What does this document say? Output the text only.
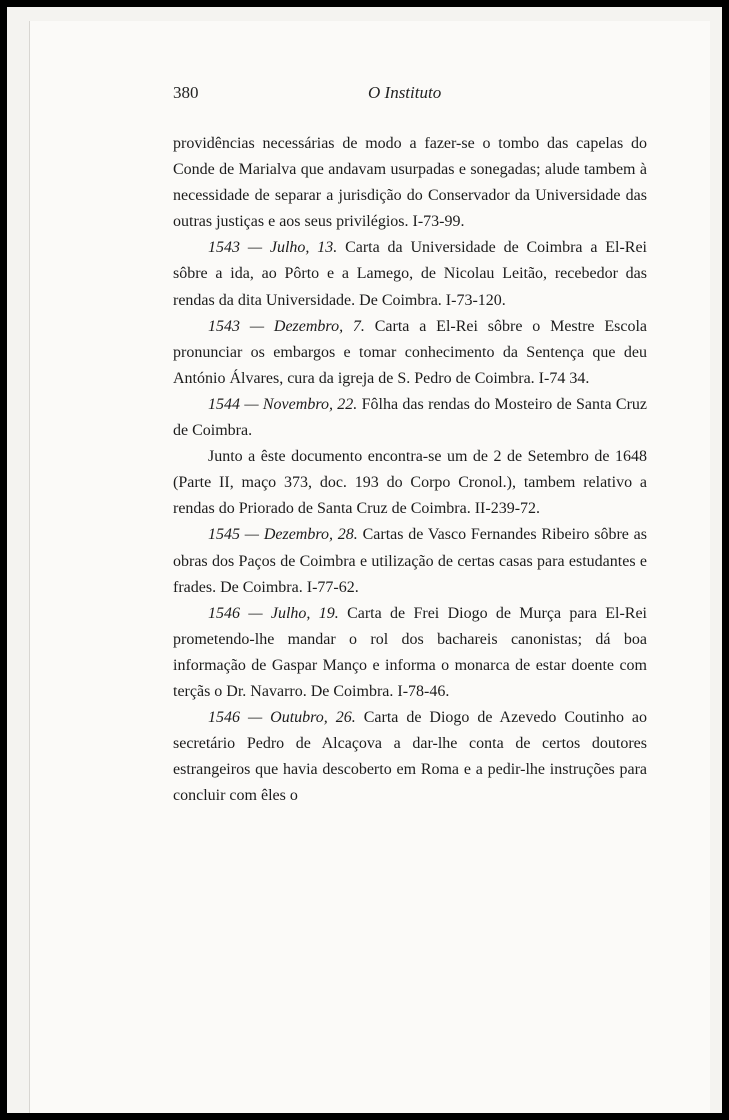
380	O Instituto

providências necessárias de modo a fazer-se o tombo das capelas do Conde de Marialva que andavam usurpadas e sonegadas; alude tambem à necessidade de separar a jurisdição do Conservador da Universidade das outras justiças e aos seus privilégios. I-73-99.

1543 — Julho, 13. Carta da Universidade de Coimbra a El-Rei sôbre a ida, ao Pôrto e a Lamego, de Nicolau Leitão, recebedor das rendas da dita Universidade. De Coimbra. I-73-120.

1543 — Dezembro, 7. Carta a El-Rei sôbre o Mestre Escola pronunciar os embargos e tomar conhecimento da Sentença que deu António Álvares, cura da igreja de S. Pedro de Coimbra. I-74 34.

1544 — Novembro, 22. Fôlha das rendas do Mosteiro de Santa Cruz de Coimbra.

Junto a êste documento encontra-se um de 2 de Setembro de 1648 (Parte II, maço 373, doc. 193 do Corpo Cronol.), tambem relativo a rendas do Priorado de Santa Cruz de Coimbra. II-239-72.

1545 — Dezembro, 28. Cartas de Vasco Fernandes Ribeiro sôbre as obras dos Paços de Coimbra e utilização de certas casas para estudantes e frades. De Coimbra. I-77-62.

1546 — Julho, 19. Carta de Frei Diogo de Murça para El-Rei prometendo-lhe mandar o rol dos bachareis canonistas; dá boa informação de Gaspar Manço e informa o monarca de estar doente com terçãs o Dr. Navarro. De Coimbra. I-78-46.

1546 — Outubro, 26. Carta de Diogo de Azevedo Coutinho ao secretário Pedro de Alcaçova a dar-lhe conta de certos doutores estrangeiros que havia descoberto em Roma e a pedir-lhe instruções para concluir com êles o
